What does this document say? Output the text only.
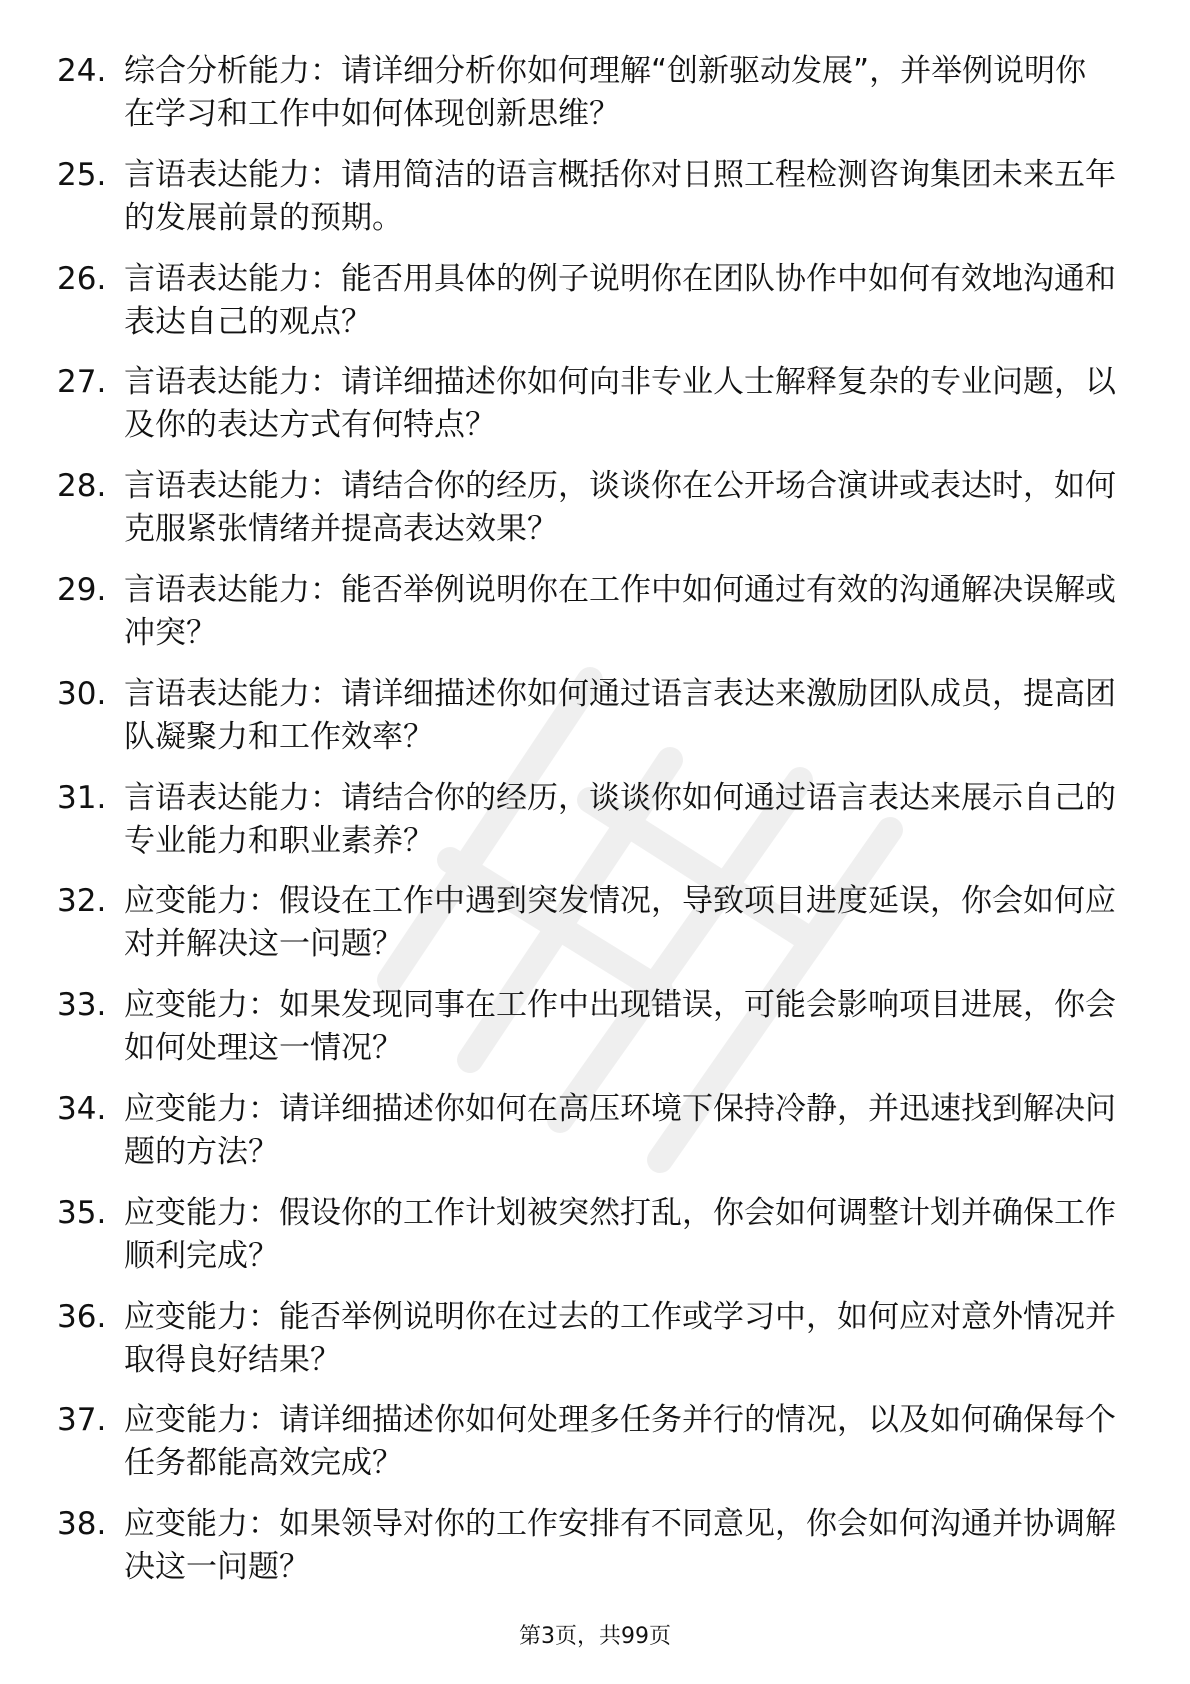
24. 综合分析能力：请详细分析你如何理解“创新驱动发展”，并举例说明你在学习和工作中如何体现创新思维？
25. 言语表达能力：请用简洁的语言概括你对日照工程检测咨询集团未来五年的发展前景的预期。
26. 言语表达能力：能否用具体的例子说明你在团队协作中如何有效地沟通和表达自己的观点？
27. 言语表达能力：请详细描述你如何向非专业人士解释复杂的专业问题，以及你的表达方式有何特点？
28. 言语表达能力：请结合你的经历，谈谈你在公开场合演讲或表达时，如何克服紧张情绪并提高表达效果？
29. 言语表达能力：能否举例说明你在工作中如何通过有效的沟通解决误解或冲突？
30. 言语表达能力：请详细描述你如何通过语言表达来激励团队成员，提高团队凝聚力和工作效率？
31. 言语表达能力：请结合你的经历，谈谈你如何通过语言表达来展示自己的专业能力和职业素养？
32. 应变能力：假设在工作中遇到突发情况，导致项目进度延误，你会如何应对并解决这一问题？
33. 应变能力：如果发现同事在工作中出现错误，可能会影响项目进展，你会如何处理这一情况？
34. 应变能力：请详细描述你如何在高压环境下保持冷静，并迅速找到解决问题的方法？
35. 应变能力：假设你的工作计划被突然打乱，你会如何调整计划并确保工作顺利完成？
36. 应变能力：能否举例说明你在过去的工作或学习中，如何应对意外情况并取得良好结果？
37. 应变能力：请详细描述你如何处理多任务并行的情况，以及如何确保每个任务都能高效完成？
38. 应变能力：如果领导对你的工作安排有不同意见，你会如何沟通并协调解决这一问题？
第3页，共99页
